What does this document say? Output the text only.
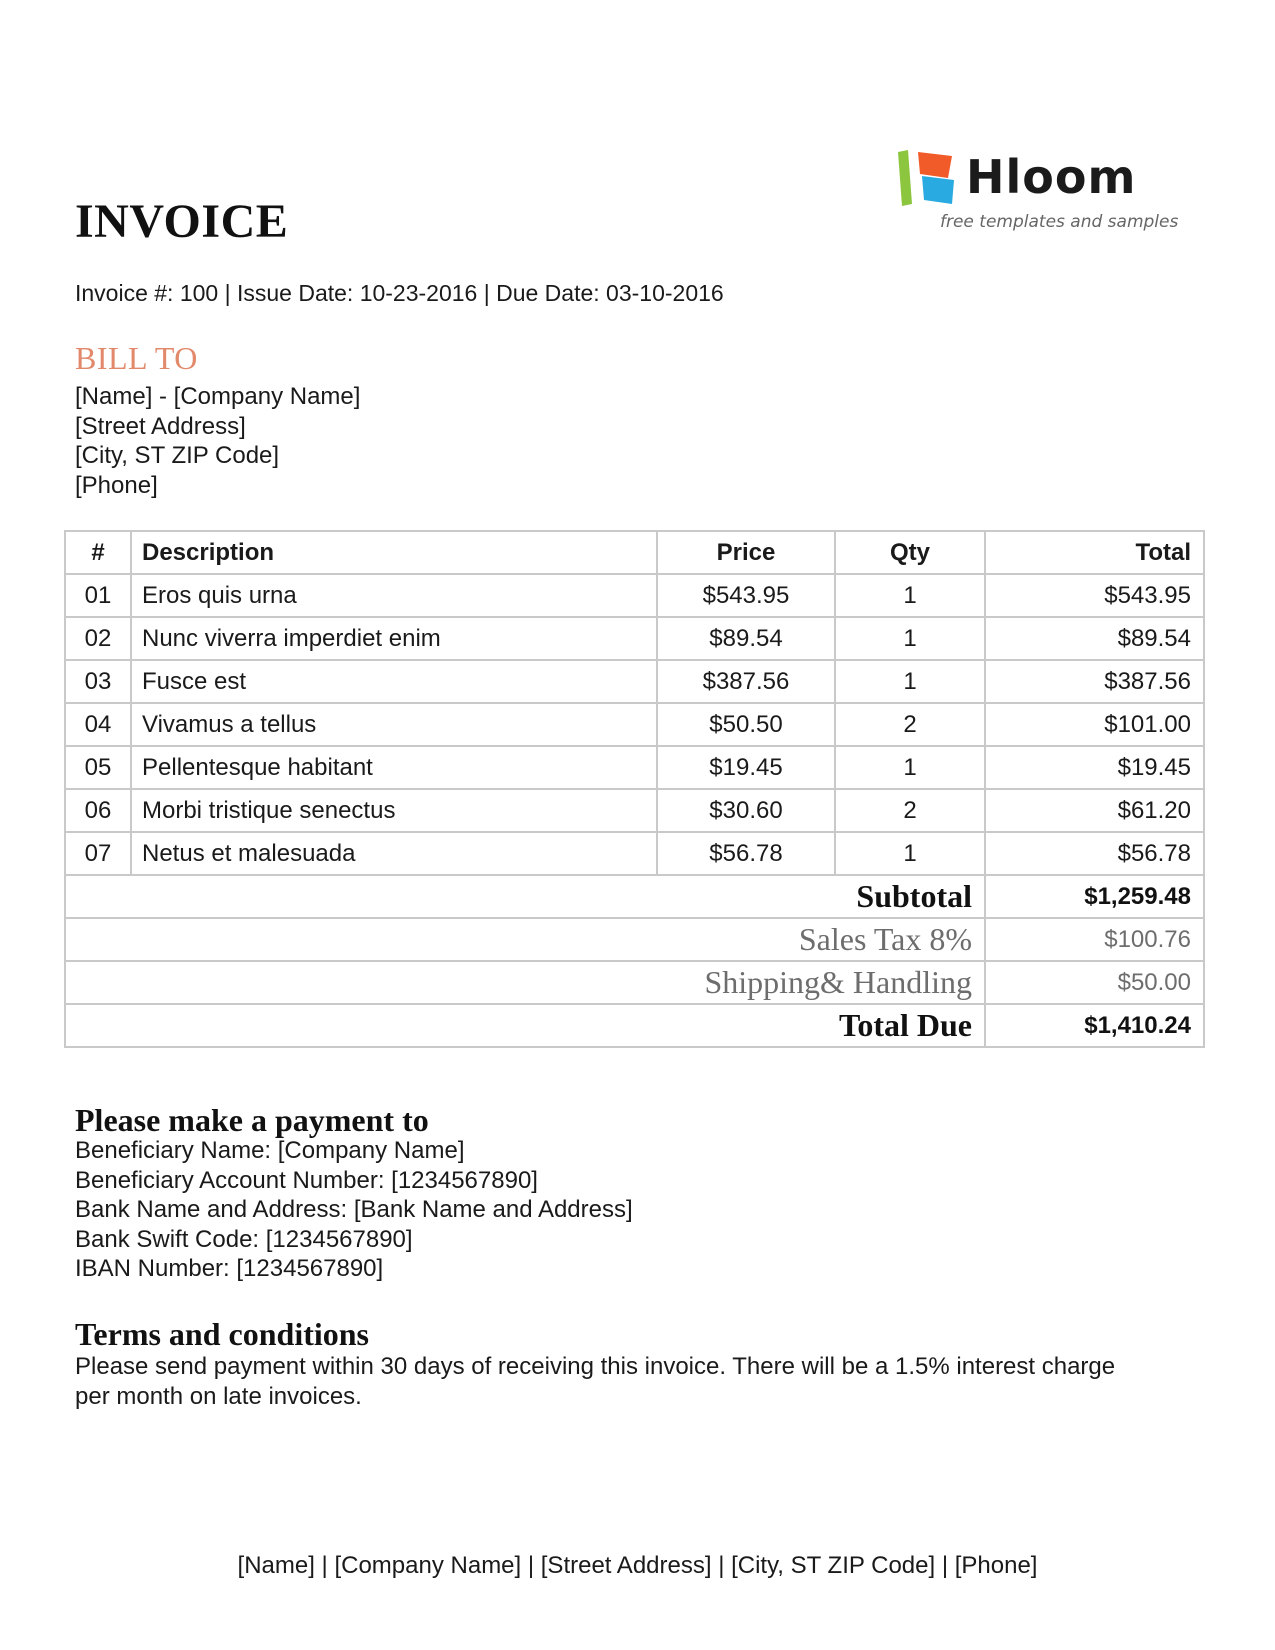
Hloom
free templates and samples
INVOICE
Invoice #: 100 | Issue Date: 10-23-2016 | Due Date: 03-10-2016
BILL TO
[Name] - [Company Name]
[Street Address]
[City, ST ZIP Code]
[Phone]
#	Description	Price	Qty	Total
01	Eros quis urna	$543.95	1	$543.95
02	Nunc viverra imperdiet enim	$89.54	1	$89.54
03	Fusce est	$387.56	1	$387.56
04	Vivamus a tellus	$50.50	2	$101.00
05	Pellentesque habitant	$19.45	1	$19.45
06	Morbi tristique senectus	$30.60	2	$61.20
07	Netus et malesuada	$56.78	1	$56.78
Subtotal				$1,259.48
Sales Tax 8%				$100.76
Shipping& Handling				$50.00
Total Due				$1,410.24
Please make a payment to
Beneficiary Name: [Company Name]
Beneficiary Account Number: [1234567890]
Bank Name and Address: [Bank Name and Address]
Bank Swift Code: [1234567890]
IBAN Number: [1234567890]
Terms and conditions
Please send payment within 30 days of receiving this invoice. There will be a 1.5% interest charge per month on late invoices.
[Name] | [Company Name] | [Street Address] | [City, ST ZIP Code] | [Phone]
